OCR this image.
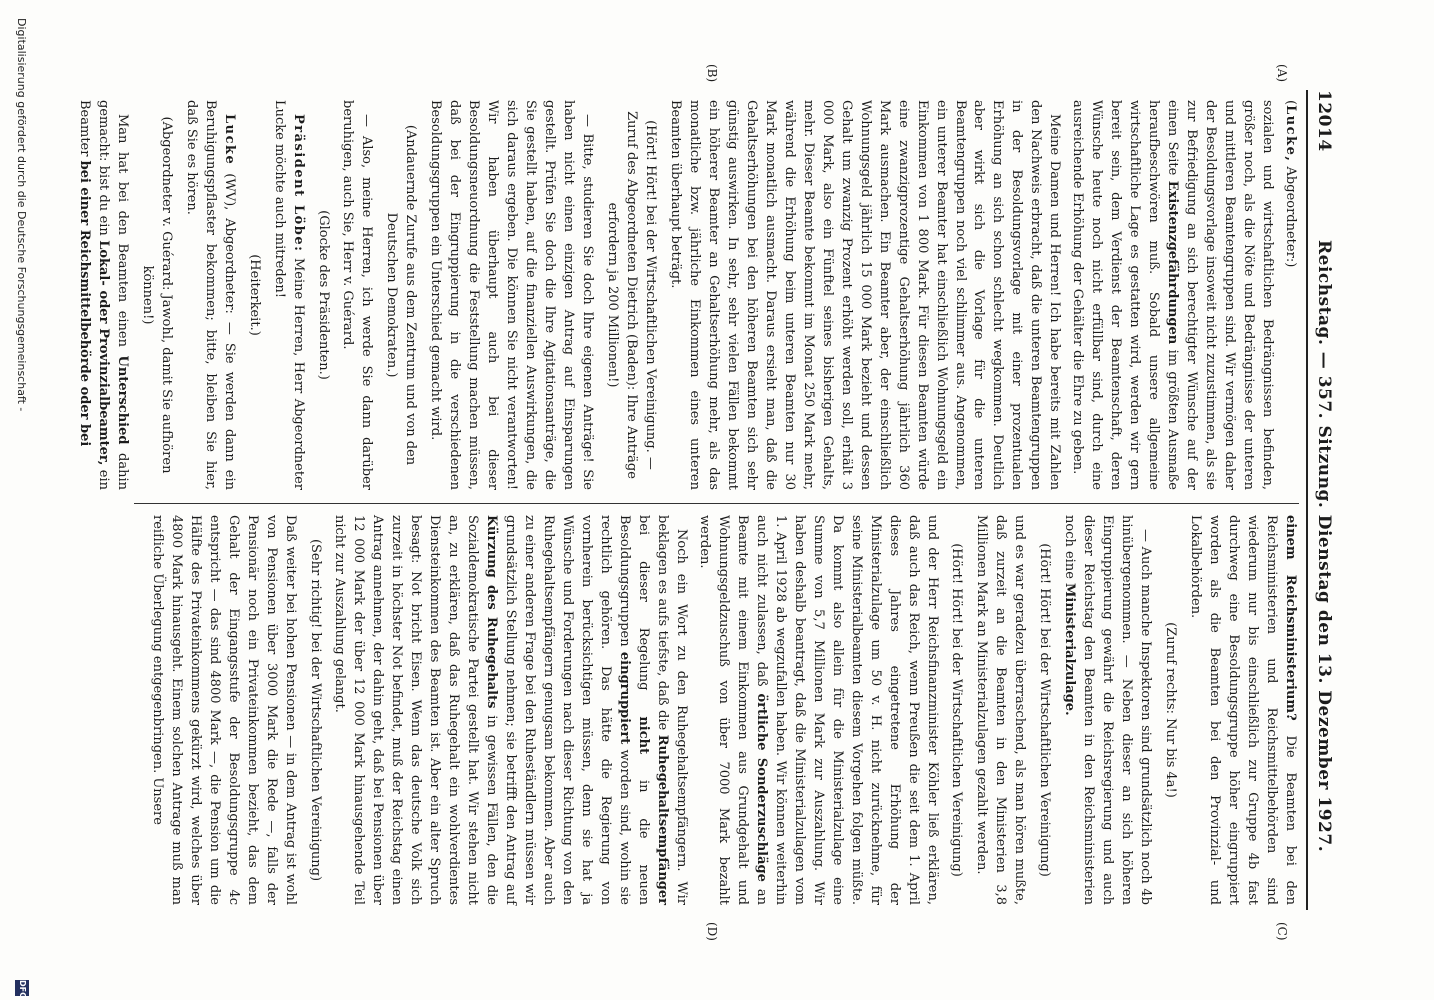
12014
Reichstag. — 357. Sitzung. Dienstag den 13. Dezember 1927.
(A)
(B)
(C)
(D)

(Lucke, Abgeordneter:)

sozialen und wirtschaftlichen Bedrängnissen befinden, größer noch, als die Nöte und Bedrängnisse der unteren und mittleren Beamtengruppen sind. Wir vermögen daher der Besoldungsvorlage insoweit nicht zuzustimmen, als sie zur Befriedigung an sich berechtigter Wünsche auf der einen Seite Existenzgefährdungen im größten Ausmaße heraufbeschwören muß. Sobald unsere allgemeine wirtschaftliche Lage es gestatten wird, werden wir gern bereit sein, dem Verdienst der Beamtenschaft, deren Wünsche heute noch nicht erfüllbar sind, durch eine ausreichende Erhöhung der Gehälter die Ehre zu geben.

Meine Damen und Herren! Ich habe bereits mit Zahlen den Nachweis erbracht, daß die unteren Beamtengruppen in der Besoldungsvorlage mit einer prozentualen Erhöhung an sich schon schlecht wegkommen. Deutlich aber wirkt sich die Vorlage für die unteren Beamtengruppen noch viel schlimmer aus. Angenommen, ein unterer Beamter hat einschließlich Wohnungsgeld ein Einkommen von 1 800 Mark. Für diesen Beamten würde eine zwanzigprozentige Gehaltserhöhung jährlich 360 Mark ausmachen. Ein Beamter aber, der einschließlich Wohnungsgeld jährlich 15 000 Mark bezieht und dessen Gehalt um zwanzig Prozent erhöht werden soll, erhält 3 000 Mark, also ein Fünftel seines bisherigen Gehalts, mehr. Dieser Beamte bekommt im Monat 250 Mark mehr, während die Erhöhung beim unteren Beamten nur 30 Mark monatlich ausmacht. Daraus ersieht man, daß die Gehaltserhöhungen bei den höheren Beamten sich sehr günstig auswirken. In sehr, sehr vielen Fällen bekommt ein höherer Beamter an Gehaltserhöhung mehr, als das monatliche bzw. jährliche Einkommen eines unteren Beamten überhaupt beträgt.

(Hört! Hört! bei der Wirtschaftlichen Vereinigung. — Zuruf des Abgeordneten Dietrich (Baden): Ihre Anträge erfordern ja 200 Millionen!)

— Bitte, studieren Sie doch Ihre eigenen Anträge! Sie haben nicht einen einzigen Antrag auf Einsparungen gestellt. Prüfen Sie doch die Ihre Agitationsanträge, die Sie gestellt haben, auf die finanziellen Auswirkungen, die sich daraus ergeben. Die können Sie nicht verantworten! Wir haben überhaupt auch bei dieser Besoldungsneuordnung die Feststellung machen müssen, daß bei der Eingruppierung in die verschiedenen Besoldungsgruppen ein Unterschied gemacht wird.

(Andauernde Zurufe aus dem Zentrum und von den Deutschen Demokraten.)

— Also, meine Herren, ich werde Sie dann darüber beruhigen, auch Sie, Herr v. Guérard.

(Glocke des Präsidenten.)

Präsident Löbe: Meine Herren, Herr Abgeordneter Lucke möchte auch mitreden!

(Heiterkeit.)

Lucke (WV), Abgeordneter: — Sie werden dann ein Beruhigungspflaster bekommen; bitte, bleiben Sie hier, daß Sie es hören.

(Abgeordneter v. Guérard: Jawohl, damit Sie aufhören können!)

Man hat bei den Beamten einen Unterschied dahin gemacht: bist du ein Lokal- oder Provinzialbeamter, ein Beamter bei einer Reichsmittelbehörde oder bei

einem Reichsministerium? Die Beamten bei den Reichsministerien und Reichsmittelbehörden sind wiederum nur bis einschließlich zur Gruppe 4b fast durchweg eine Besoldungsgruppe höher eingruppiert worden als die Beamten bei den Provinzial- und Lokalbehörden.

(Zuruf rechts: Nur bis 4a!)

— Auch manche Inspektoren sind grundsätzlich noch 4b hinübergenommen. — Neben dieser an sich höheren Eingruppierung gewährt die Reichsregierung und auch dieser Reichstag den Beamten in den Reichsministerien noch eine Ministerialzulage.

(Hört! Hört! bei der Wirtschaftlichen Vereinigung)

und es war geradezu überraschend, als man hören mußte, daß zurzeit an die Beamten in den Ministerien 3,8 Millionen Mark an Ministerialzulagen gezahlt werden.

(Hört! Hört! bei der Wirtschaftlichen Vereinigung)

und der Herr Reichsfinanzminister Köhler ließ erklären, daß auch das Reich, wenn Preußen die seit dem 1. April dieses Jahres eingetretene Erhöhung der Ministerialzulage um 50 v. H. nicht zurücknehme, für seine Ministerialbeamten diesem Vorgehen folgen müßte. Da kommt also allein für die Ministerialzulage eine Summe von 5,7 Millionen Mark zur Auszahlung. Wir haben deshalb beantragt, daß die Ministerialzulagen vom 1. April 1928 ab wegzufallen haben. Wir können weiterhin auch nicht zulassen, daß örtliche Sonderzuschläge an Beamte mit einem Einkommen aus Grundgehalt und Wohnungsgeldzuschuß von über 7000 Mark bezahlt werden.

Noch ein Wort zu den Ruhegehaltsempfängern. Wir beklagen es aufs tiefste, daß die Ruhegehaltsempfänger bei dieser Regelung nicht in die neuen Besoldungsgruppen eingruppiert worden sind, wohin sie rechtlich gehören. Das hätte die Regierung von vornherein berücksichtigen müssen, denn sie hat ja Wünsche und Forderungen nach dieser Richtung von den Ruhegehaltsempfängern genugsam bekommen. Aber auch zu einer anderen Frage bei den Ruheständlern müssen wir grundsätzlich Stellung nehmen; sie betrifft den Antrag auf Kürzung des Ruhegehalts in gewissen Fällen, den die Sozialdemokratische Partei gestellt hat. Wir stehen nicht an, zu erklären, daß das Ruhegehalt ein wohlverdientes Diensteinkommen des Beamten ist. Aber ein alter Spruch besagt: Not bricht Eisen. Wenn das deutsche Volk sich zurzeit in höchster Not befindet, muß der Reichstag einen Antrag annehmen, der dahin geht, daß bei Pensionen über 12 000 Mark der über 12 000 Mark hinausgehende Teil nicht zur Auszahlung gelangt.

(Sehr richtig! bei der Wirtschaftlichen Vereinigung)

Daß weiter bei hohen Pensionen — in dem Antrag ist wohl von Pensionen über 3000 Mark die Rede —, falls der Pensionär noch ein Privateinkommen bezieht, das dem Gehalt der Eingangsstufe der Besoldungsgruppe 4c entspricht — das sind 4800 Mark —, die Pension um die Hälfte des Privateinkommens gekürzt wird, welches über 4800 Mark hinausgeht. Einem solchen Antrage muß man reifliche Überlegung entgegenbringen. Unsere

Digitalisierung gefördert durch die Deutsche Forschungsgemeinschaft -
DFG
